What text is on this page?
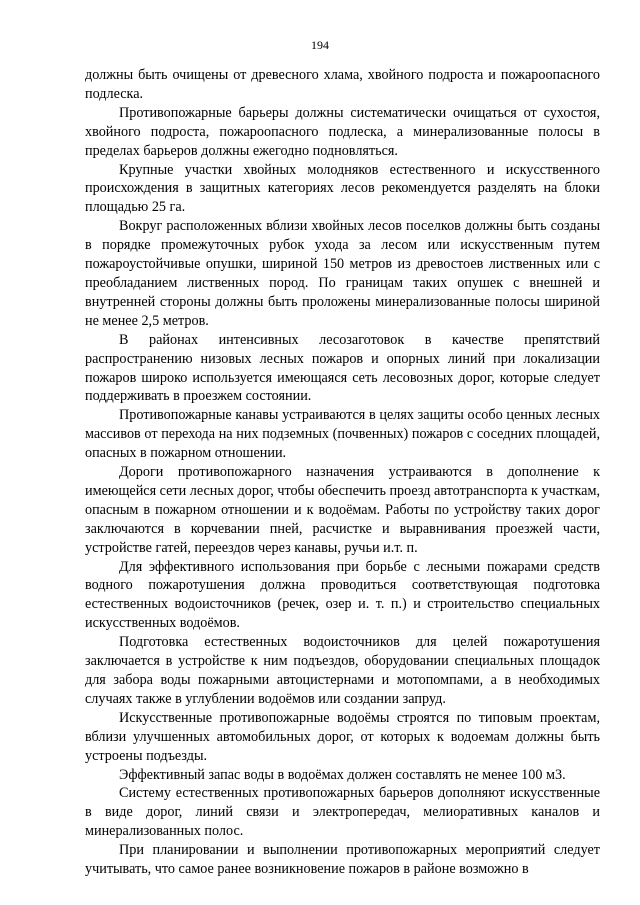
194

должны быть очищены от древесного хлама, хвойного подроста и пожароопасного подлеска.

Противопожарные барьеры должны систематически очищаться от сухостоя, хвойного подроста, пожароопасного подлеска, а минерализованные полосы в пределах барьеров должны ежегодно подновляться.

Крупные участки хвойных молодняков естественного и искусственного происхождения в защитных категориях лесов рекомендуется разделять на блоки площадью 25 га.

Вокруг расположенных вблизи хвойных лесов поселков должны быть созданы в порядке промежуточных рубок ухода за лесом или искусственным путем пожароустойчивые опушки, шириной 150 метров из древостоев лиственных или с преобладанием лиственных пород. По границам таких опушек с внешней и внутренней стороны должны быть проложены минерализованные полосы шириной не менее 2,5 метров.

В районах интенсивных лесозаготовок в качестве препятствий распространению низовых лесных пожаров и опорных линий при локализации пожаров широко используется имеющаяся сеть лесовозных дорог, которые следует поддерживать в проезжем состоянии.

Противопожарные канавы устраиваются в целях защиты особо ценных лесных массивов от перехода на них подземных (почвенных) пожаров с соседних площадей, опасных в пожарном отношении.

Дороги противопожарного назначения устраиваются в дополнение к имеющейся сети лесных дорог, чтобы обеспечить проезд автотранспорта к участкам, опасным в пожарном отношении и к водоёмам. Работы по устройству таких дорог заключаются в корчевании пней, расчистке и выравнивания проезжей части, устройстве гатей, переездов через канавы, ручьи и.т. п.

Для эффективного использования при борьбе с лесными пожарами средств водного пожаротушения должна проводиться соответствующая подготовка естественных водоисточников (речек, озер и. т. п.) и строительство специальных искусственных водоёмов.

Подготовка естественных водоисточников для целей пожаротушения заключается в устройстве к ним подъездов, оборудовании специальных площадок для забора воды пожарными автоцистернами и мотопомпами, а в необходимых случаях также в углублении водоёмов или создании запруд.

Искусственные противопожарные водоёмы строятся по типовым проектам, вблизи улучшенных автомобильных дорог, от которых к водоемам должны быть устроены подъезды.

Эффективный запас воды в водоёмах должен составлять не менее 100 м3.

Систему естественных противопожарных барьеров дополняют искусственные в виде дорог, линий связи и электропередач, мелиоративных каналов и минерализованных полос.

При планировании и выполнении противопожарных мероприятий следует учитывать, что самое ранее возникновение пожаров в районе возможно в
